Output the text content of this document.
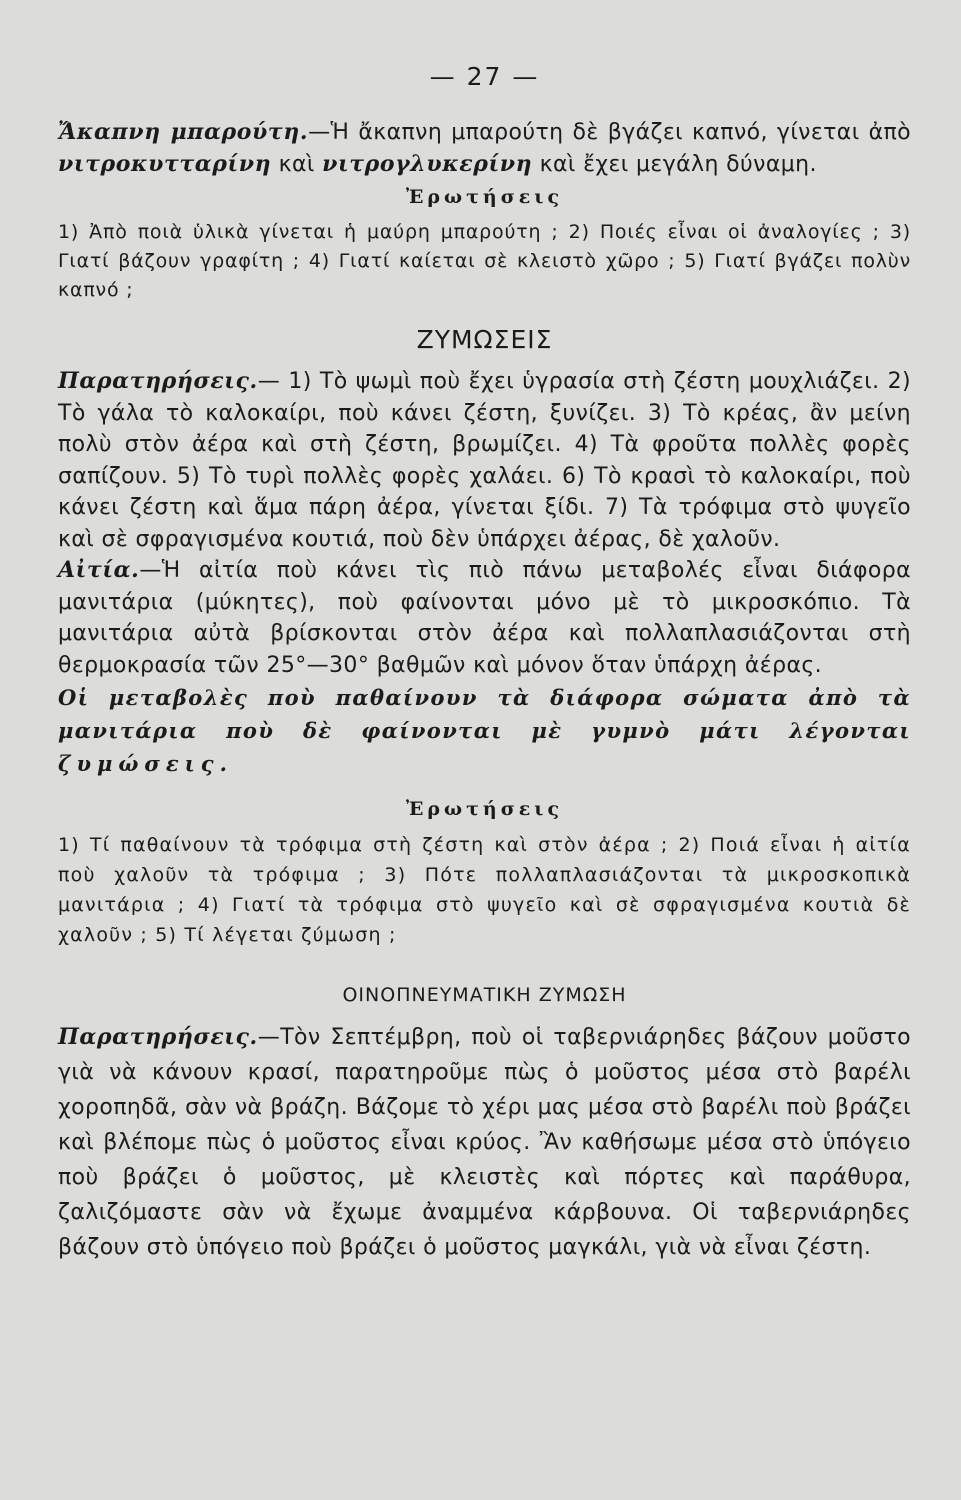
— 27 —

Ἄκαπνη μπαρούτη.—Ἡ ἄκαπνη μπαρούτη δὲ βγάζει καπνό, γίνεται ἀπὸ νιτροκυτταρίνη καὶ νιτρογλυκερίνη καὶ ἔχει μεγάλη δύναμη.

Ἐρωτήσεις

1) Ἀπὸ ποιὰ ὑλικὰ γίνεται ἡ μαύρη μπαρούτη ; 2) Ποιές εἶναι οἱ ἀναλογίες ; 3) Γιατί βάζουν γραφίτη ; 4) Γιατί καίεται σὲ κλειστὸ χῶρο ; 5) Γιατί βγάζει πολὺν καπνό ;

ΖΥΜΩΣΕΙΣ

Παρατηρήσεις.— 1) Τὸ ψωμὶ ποὺ ἔχει ὑγρασία στὴ ζέστη μουχλιάζει. 2) Τὸ γάλα τὸ καλοκαίρι, ποὺ κάνει ζέστη, ξυνίζει. 3) Τὸ κρέας, ἂν μείνη πολὺ στὸν ἀέρα καὶ στὴ ζέστη, βρωμίζει. 4) Τὰ φροῦτα πολλὲς φορὲς σαπίζουν. 5) Τὸ τυρὶ πολλὲς φορὲς χαλάει. 6) Τὸ κρασὶ τὸ καλοκαίρι, ποὺ κάνει ζέστη καὶ ἅμα πάρη ἀέρα, γίνεται ξίδι. 7) Τὰ τρόφιμα στὸ ψυγεῖο καὶ σὲ σφραγισμένα κουτιά, ποὺ δὲν ὑπάρχει ἀέρας, δὲ χαλοῦν.

Αἰτία.—Ἡ αἰτία ποὺ κάνει τὶς πιὸ πάνω μεταβολές εἶναι διάφορα μανιτάρια (μύκητες), ποὺ φαίνονται μόνο μὲ τὸ μικροσκόπιο. Τὰ μανιτάρια αὐτὰ βρίσκονται στὸν ἀέρα καὶ πολλαπλασιάζονται στὴ θερμοκρασία τῶν 25°—30° βαθμῶν καὶ μόνον ὅταν ὑπάρχη ἀέρας.

Οἱ μεταβολὲς ποὺ παθαίνουν τὰ διάφορα σώματα ἀπὸ τὰ μανιτάρια ποὺ δὲ φαίνονται μὲ γυμνὸ μάτι λέγονται ζυμώσεις.
Ἐρωτήσεις

1) Τί παθαίνουν τὰ τρόφιμα στὴ ζέστη καὶ στὸν ἀέρα ; 2) Ποιά εἶναι ἡ αἰτία ποὺ χαλοῦν τὰ τρόφιμα ; 3) Πότε πολλαπλασιάζονται τὰ μικροσκοπικὰ μανιτάρια ; 4) Γιατί τὰ τρόφιμα στὸ ψυγεῖο καὶ σὲ σφραγισμένα κουτιὰ δὲ χαλοῦν ; 5) Τί λέγεται ζύμωση ;

ΟΙΝΟΠΝΕΥΜΑΤΙΚΗ ΖΥΜΩΣΗ

Παρατηρήσεις.—Τὸν Σεπτέμβρη, ποὺ οἱ ταβερνιάρηδες βάζουν μοῦστο γιὰ νὰ κάνουν κρασί, παρατηροῦμε πὼς ὁ μοῦστος μέσα στὸ βαρέλι χοροπηδᾶ, σὰν νὰ βράζη. Βάζομε τὸ χέρι μας μέσα στὸ βαρέλι ποὺ βράζει καὶ βλέπομε πὼς ὁ μοῦστος εἶναι κρύος. Ἂν καθήσωμε μέσα στὸ ὑπόγειο ποὺ βράζει ὁ μοῦστος, μὲ κλειστὲς καὶ πόρτες καὶ παράθυρα, ζαλιζόμαστε σὰν νὰ ἔχωμε ἀναμμένα κάρβουνα. Οἱ ταβερνιάρηδες βάζουν στὸ ὑπόγειο ποὺ βράζει ὁ μοῦστος μαγκάλι, γιὰ νὰ εἶναι ζέστη.
